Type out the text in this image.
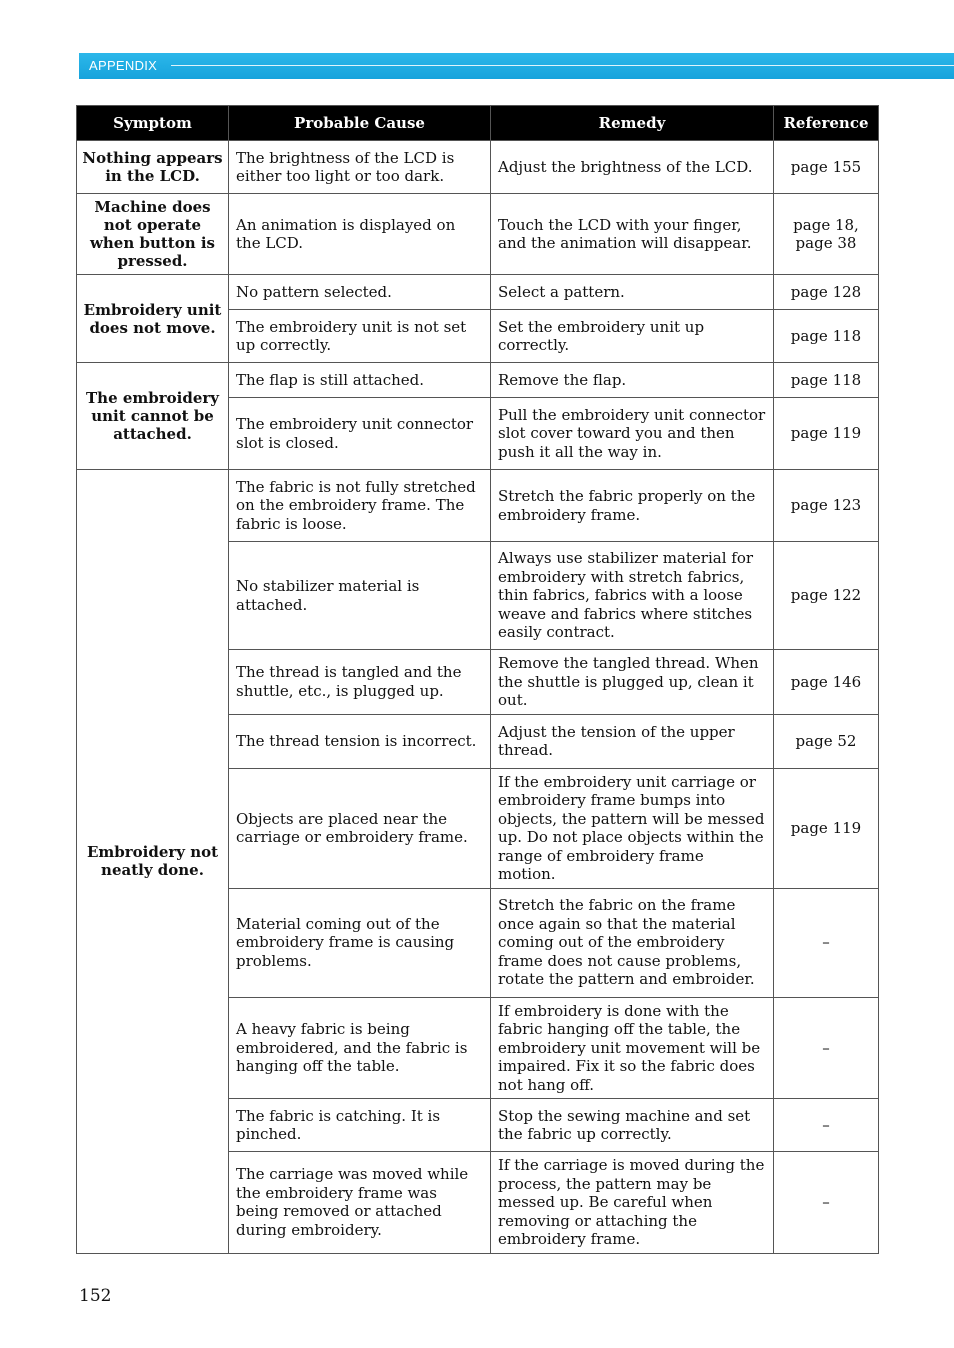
APPENDIX
Symptom	Probable Cause	Remedy	Reference
Nothing appears in the LCD.	The brightness of the LCD is either too light or too dark.	Adjust the brightness of the LCD.	page 155
Machine does not operate when button is pressed.	An animation is displayed on the LCD.	Touch the LCD with your finger, and the animation will disappear.	page 18, page 38
Embroidery unit does not move.	No pattern selected.	Select a pattern.	page 128
	The embroidery unit is not set up correctly.	Set the embroidery unit up correctly.	page 118
The embroidery unit cannot be attached.	The flap is still attached.	Remove the flap.	page 118
	The embroidery unit connector slot is closed.	Pull the embroidery unit connector slot cover toward you and then push it all the way in.	page 119
Embroidery not neatly done.	The fabric is not fully stretched on the embroidery frame. The fabric is loose.	Stretch the fabric properly on the embroidery frame.	page 123
	No stabilizer material is attached.	Always use stabilizer material for embroidery with stretch fabrics, thin fabrics, fabrics with a loose weave and fabrics where stitches easily contract.	page 122
	The thread is tangled and the shuttle, etc., is plugged up.	Remove the tangled thread. When the shuttle is plugged up, clean it out.	page 146
	The thread tension is incorrect.	Adjust the tension of the upper thread.	page 52
	Objects are placed near the carriage or embroidery frame.	If the embroidery unit carriage or embroidery frame bumps into objects, the pattern will be messed up. Do not place objects within the range of embroidery frame motion.	page 119
	Material coming out of the embroidery frame is causing problems.	Stretch the fabric on the frame once again so that the material coming out of the embroidery frame does not cause problems, rotate the pattern and embroider.	–
	A heavy fabric is being embroidered, and the fabric is hanging off the table.	If embroidery is done with the fabric hanging off the table, the embroidery unit movement will be impaired. Fix it so the fabric does not hang off.	–
	The fabric is catching. It is pinched.	Stop the sewing machine and set the fabric up correctly.	–
	The carriage was moved while the embroidery frame was being removed or attached during embroidery.	If the carriage is moved during the process, the pattern may be messed up. Be careful when removing or attaching the embroidery frame.	–
152
